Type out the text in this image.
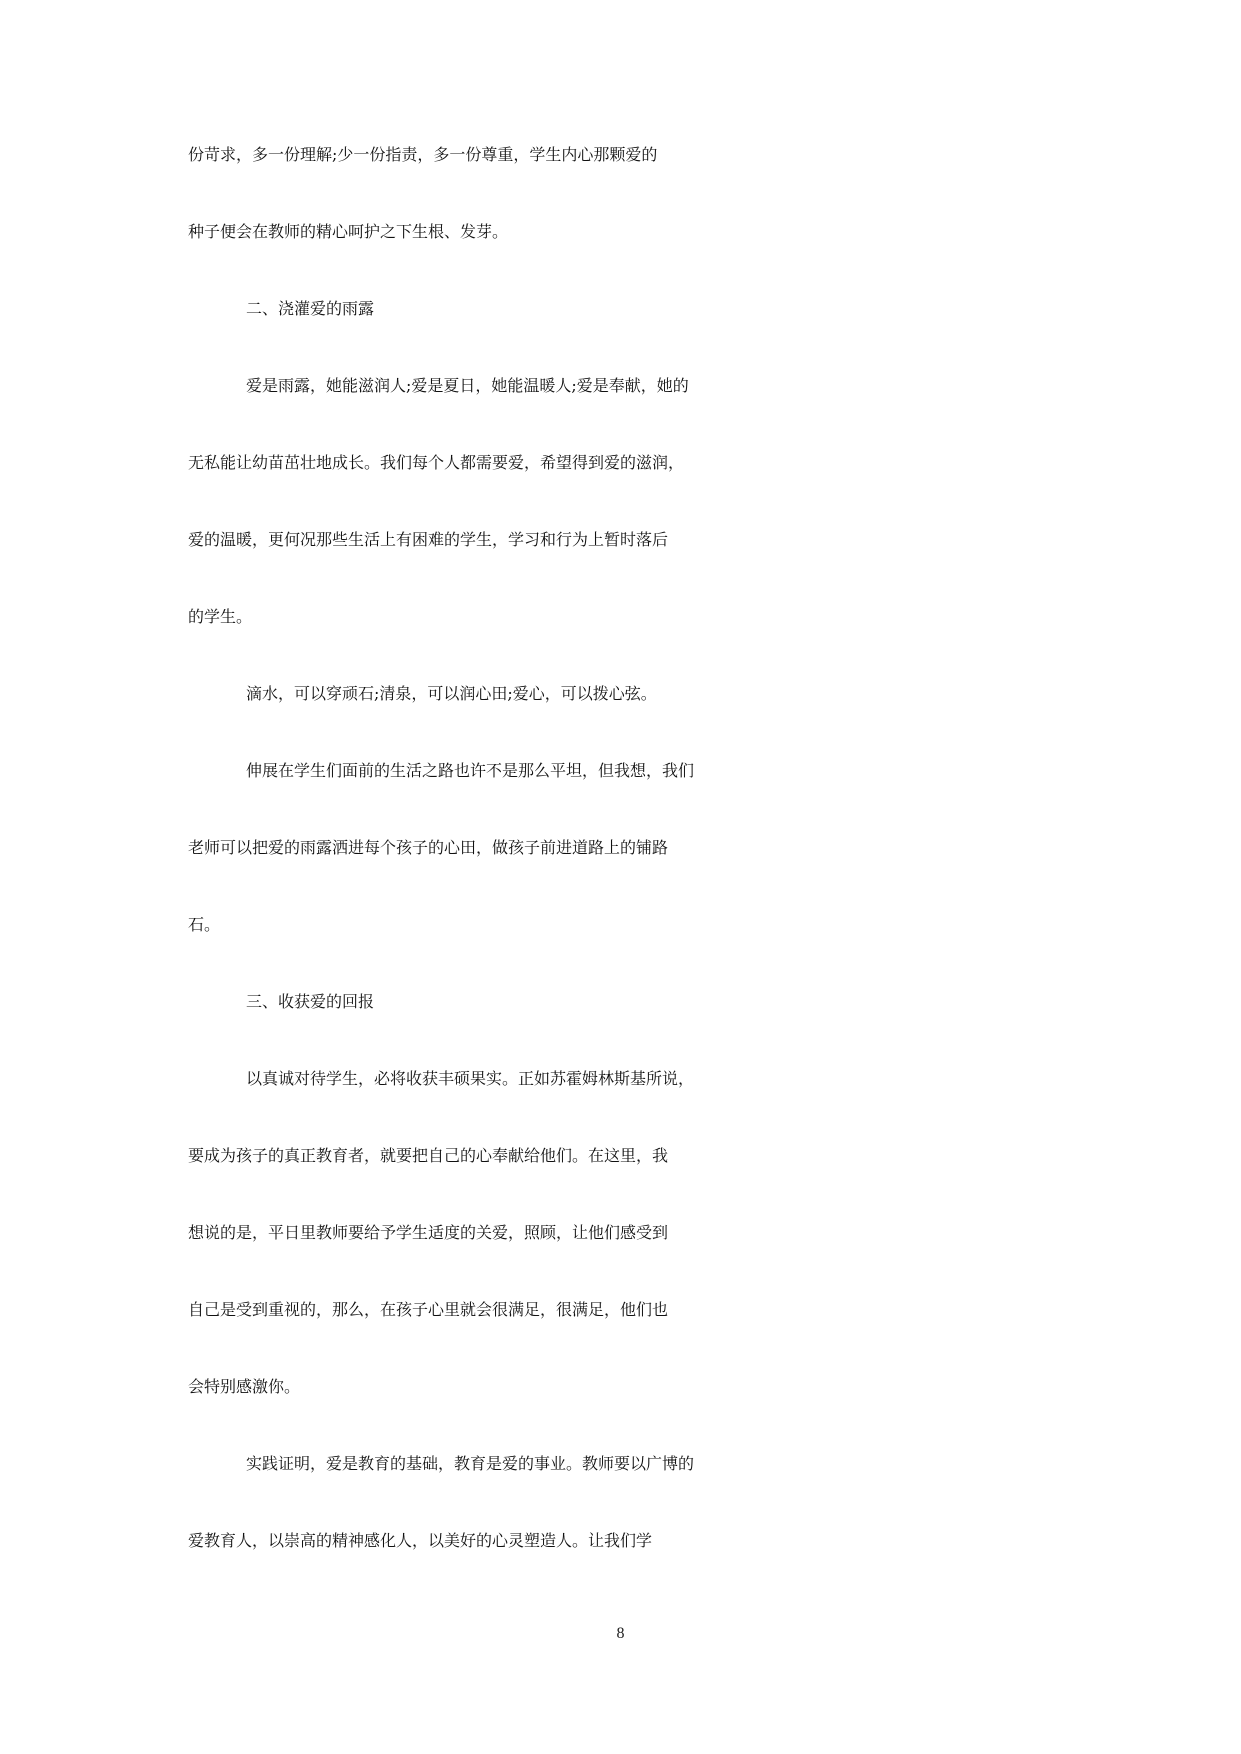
份苛求，多一份理解;少一份指责，多一份尊重，学生内心那颗爱的
种子便会在教师的精心呵护之下生根、发芽。
二、浇灌爱的雨露
爱是雨露，她能滋润人;爱是夏日，她能温暖人;爱是奉献，她的
无私能让幼苗茁壮地成长。我们每个人都需要爱，希望得到爱的滋润，
爱的温暖，更何况那些生活上有困难的学生，学习和行为上暂时落后
的学生。
滴水，可以穿顽石;清泉，可以润心田;爱心，可以拨心弦。
伸展在学生们面前的生活之路也许不是那么平坦，但我想，我们
老师可以把爱的雨露洒进每个孩子的心田，做孩子前进道路上的铺路
石。
三、收获爱的回报
以真诚对待学生，必将收获丰硕果实。正如苏霍姆林斯基所说，
要成为孩子的真正教育者，就要把自己的心奉献给他们。在这里，我
想说的是，平日里教师要给予学生适度的关爱，照顾，让他们感受到
自己是受到重视的，那么，在孩子心里就会很满足，很满足，他们也
会特别感激你。
实践证明，爱是教育的基础，教育是爱的事业。教师要以广博的
爱教育人，以崇高的精神感化人，以美好的心灵塑造人。让我们学
8
